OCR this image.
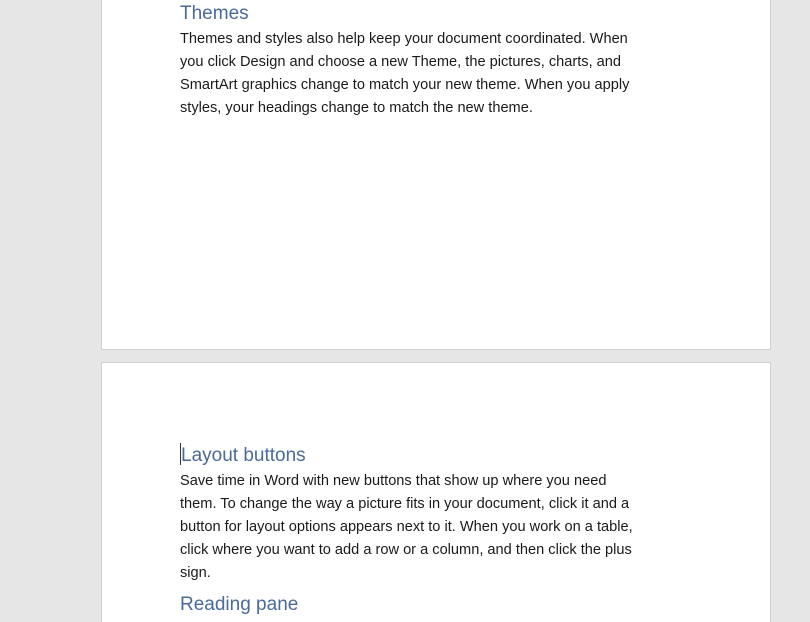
Themes

Themes and styles also help keep your document coordinated. When
you click Design and choose a new Theme, the pictures, charts, and
SmartArt graphics change to match your new theme. When you apply
styles, your headings change to match the new theme.

Layout buttons

Save time in Word with new buttons that show up where you need
them. To change the way a picture fits in your document, click it and a
button for layout options appears next to it. When you work on a table,
click where you want to add a row or a column, and then click the plus
sign.

Reading pane
